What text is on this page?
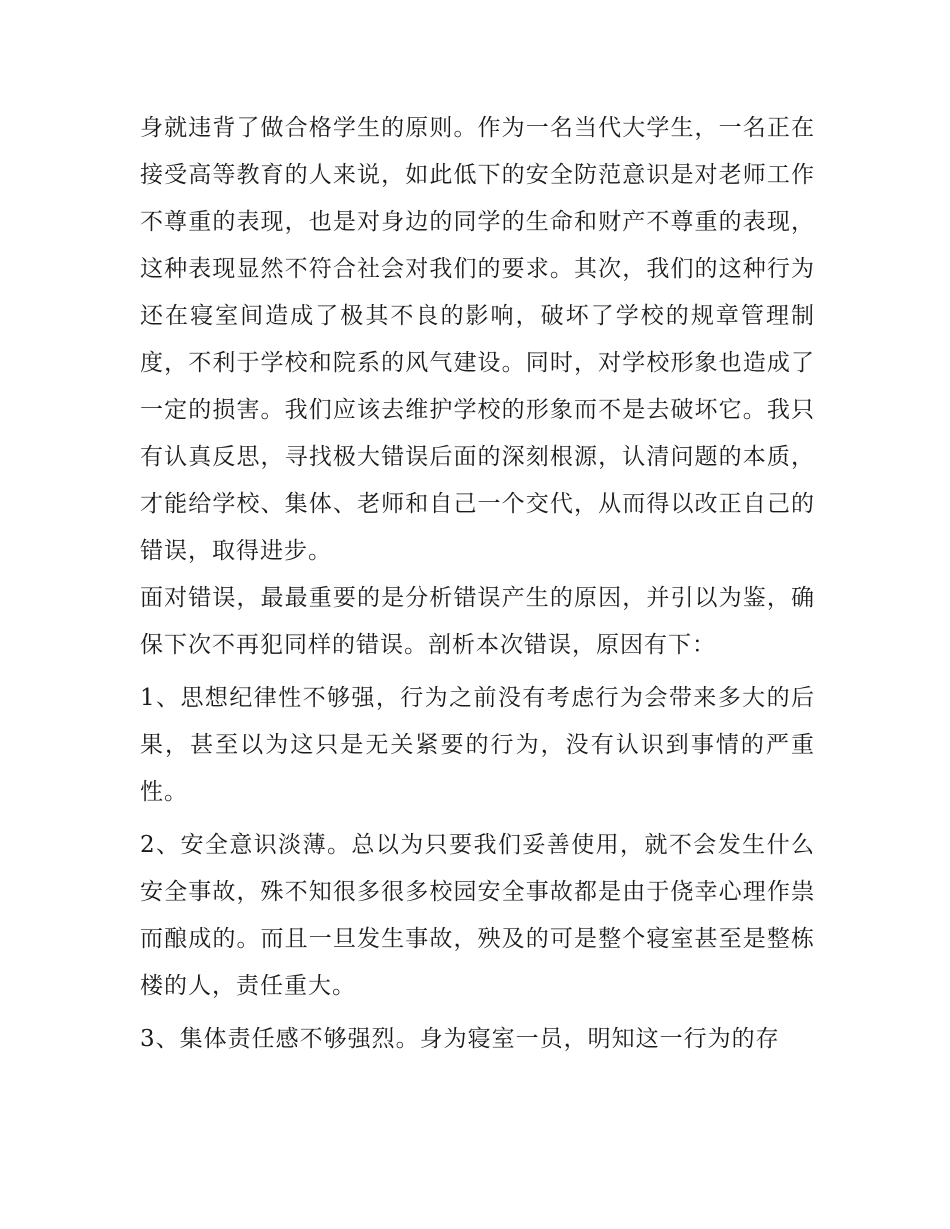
身就违背了做合格学生的原则。作为一名当代大学生，一名正在接受高等教育的人来说，如此低下的安全防范意识是对老师工作不尊重的表现，也是对身边的同学的生命和财产不尊重的表现，这种表现显然不符合社会对我们的要求。其次，我们的这种行为还在寝室间造成了极其不良的影响，破坏了学校的规章管理制度，不利于学校和院系的风气建设。同时，对学校形象也造成了一定的损害。我们应该去维护学校的形象而不是去破坏它。我只有认真反思，寻找极大错误后面的深刻根源，认清问题的本质，才能给学校、集体、老师和自己一个交代，从而得以改正自己的错误，取得进步。

面对错误，最最重要的是分析错误产生的原因，并引以为鉴，确保下次不再犯同样的错误。剖析本次错误，原因有下：

1、思想纪律性不够强，行为之前没有考虑行为会带来多大的后果，甚至以为这只是无关紧要的行为，没有认识到事情的严重性。

2、安全意识淡薄。总以为只要我们妥善使用，就不会发生什么安全事故，殊不知很多很多校园安全事故都是由于侥幸心理作祟而酿成的。而且一旦发生事故，殃及的可是整个寝室甚至是整栋楼的人，责任重大。

3、集体责任感不够强烈。身为寝室一员，明知这一行为的存
